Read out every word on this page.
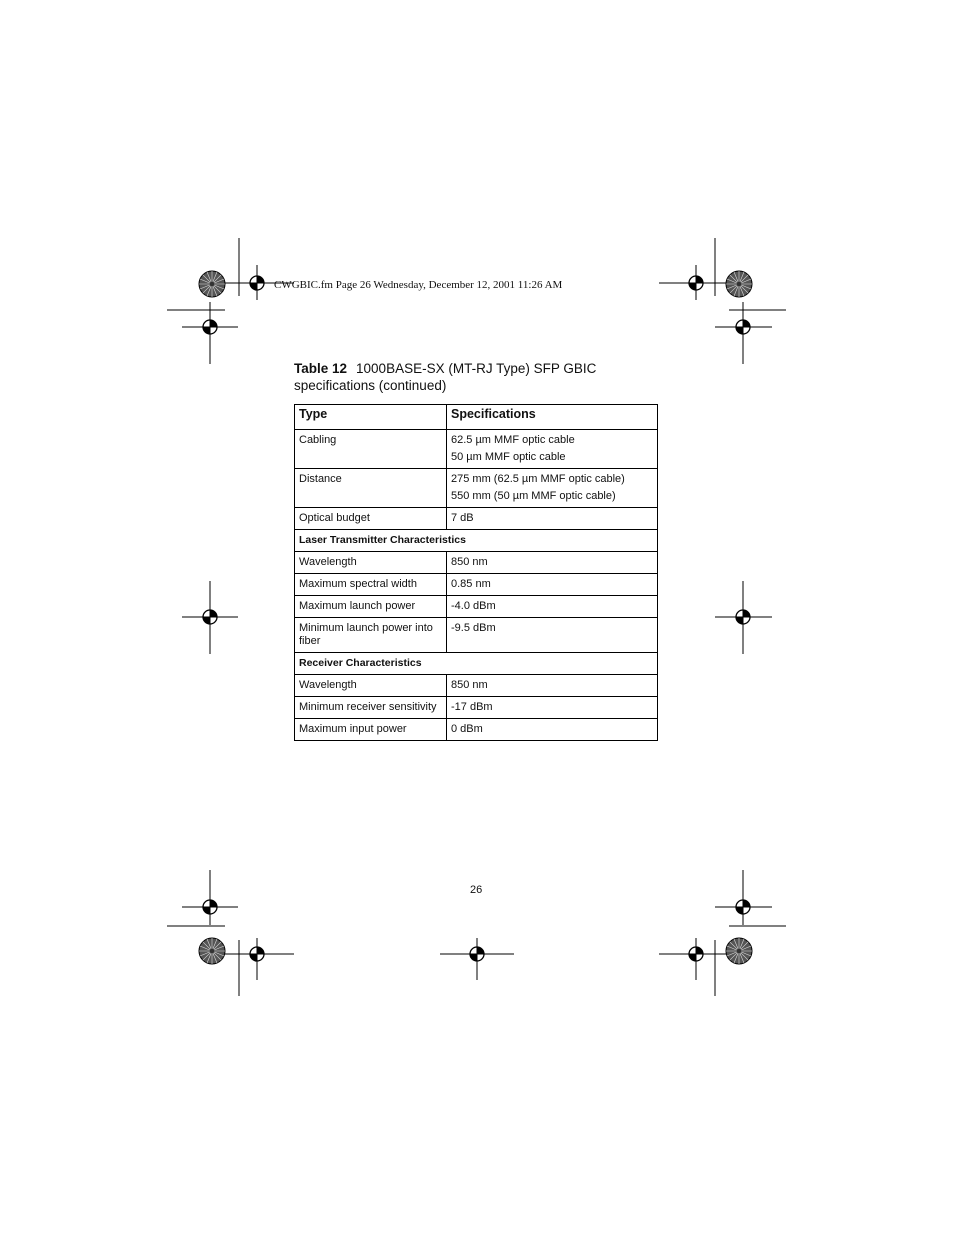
CWGBIC.fm Page 26 Wednesday, December 12, 2001 11:26 AM
Table 12 1000BASE-SX (MT-RJ Type) SFP GBIC specifications (continued)
Type	Specifications
Cabling	62.5 µm MMF optic cable
50 µm MMF optic cable

Distance	275 mm (62.5 µm MMF optic cable)
550 mm (50 µm MMF optic cable)

Optical budget	7 dB
Laser Transmitter Characteristics	
Wavelength	850 nm
Maximum spectral width	0.85 nm
Maximum launch power	-4.0 dBm
Minimum launch power into fiber	-9.5 dBm
Receiver Characteristics	
Wavelength	850 nm
Minimum receiver sensitivity	-17 dBm
Maximum input power	0 dBm
26
